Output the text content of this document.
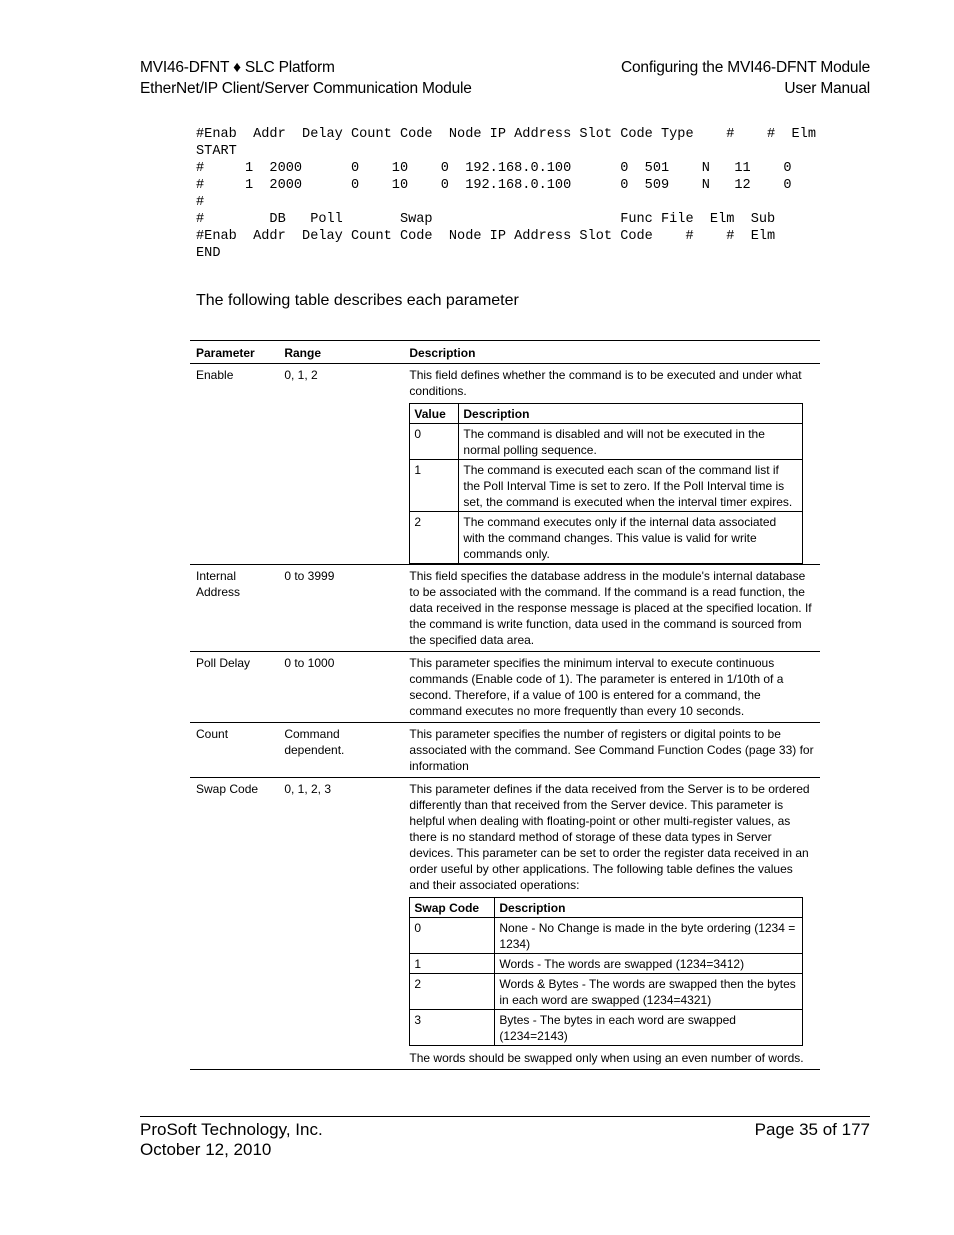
MVI46-DFNT ♦ SLC Platform
EtherNet/IP Client/Server Communication Module
Configuring the MVI46-DFNT Module
User Manual
#Enab  Addr  Delay Count Code  Node IP Address Slot Code Type    #    #  Elm
START
#     1  2000      0    10    0  192.168.0.100      0  501    N   11    0
#     1  2000      0    10    0  192.168.0.100      0  509    N   12    0
#
#        DB   Poll       Swap                       Func File  Elm  Sub
#Enab  Addr  Delay Count Code  Node IP Address Slot Code    #    #  Elm
END
The following table describes each parameter
Parameter	Range	Description
Enable	0, 1, 2	This field defines whether the command is to be executed and under what conditions.
Value	Description
0	The command is disabled and will not be executed in the normal polling sequence.
1	The command is executed each scan of the command list if the Poll Interval Time is set to zero. If the Poll Interval time is set, the command is executed when the interval timer expires.
2	The command executes only if the internal data associated with the command changes. This value is valid for write commands only.

Internal
Address
	0 to 3999	This field specifies the database address in the module's internal database to be associated with the command. If the command is a read function, the data received in the response message is placed at the specified location. If the command is write function, data used in the command is sourced from the specified data area.
Poll Delay	0 to 1000	This parameter specifies the minimum interval to execute continuous commands (Enable code of 1). The parameter is entered in 1/10th of a second. Therefore, if a value of 100 is entered for a command, the command executes no more frequently than every 10 seconds.
Count	Command dependent.	This parameter specifies the number of registers or digital points to be associated with the command. See Command Function Codes (page 33) for information
Swap Code	0, 1, 2, 3	This parameter defines if the data received from the Server is to be ordered differently than that received from the Server device. This parameter is helpful when dealing with floating-point or other multi-register values, as there is no standard method of storage of these data types in Server devices. This parameter can be set to order the register data received in an order useful by other applications. The following table defines the values and their associated operations:
Swap Code	Description
0	None - No Change is made in the byte ordering (1234 = 1234)
1	Words - The words are swapped (1234=3412)
2	Words & Bytes - The words are swapped then the bytes in each word are swapped (1234=4321)
3	Bytes - The bytes in each word are swapped (1234=2143)
The words should be swapped only when using an even number of words.
ProSoft Technology, Inc.
October 12, 2010
Page 35 of 177
